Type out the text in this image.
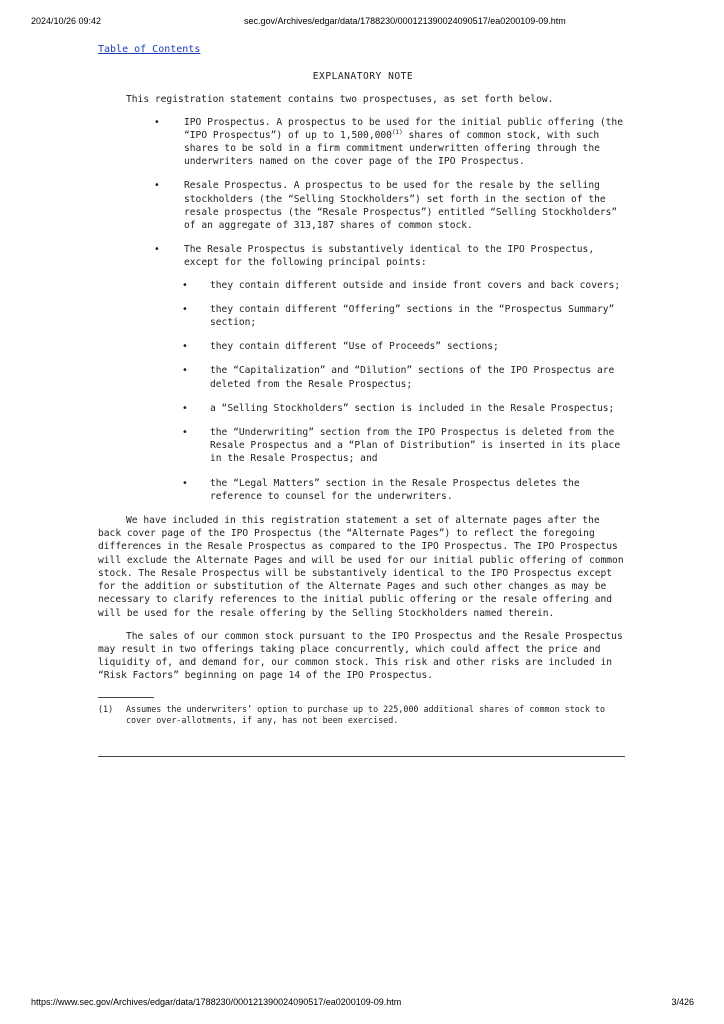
2024/10/26 09:42	sec.gov/Archives/edgar/data/1788230/000121390024090517/ea0200109-09.htm
Table of Contents
EXPLANATORY NOTE
This registration statement contains two prospectuses, as set forth below.
•	IPO Prospectus. A prospectus to be used for the initial public offering (the “IPO Prospectus”) of up to 1,500,000$^{(1)}$ shares of common stock, with such shares to be sold in a firm commitment underwritten offering through the underwriters named on the cover page of the IPO Prospectus.
•	Resale Prospectus. A prospectus to be used for the resale by the selling stockholders (the “Selling Stockholders”) set forth in the section of the resale prospectus (the “Resale Prospectus”) entitled “Selling Stockholders” of an aggregate of 313,187 shares of common stock.
•	The Resale Prospectus is substantively identical to the IPO Prospectus, except for the following principal points:
• they contain different outside and inside front covers and back covers;
• they contain different “Offering” sections in the “Prospectus Summary” section;
• they contain different “Use of Proceeds” sections;
• the “Capitalization” and “Dilution” sections of the IPO Prospectus are deleted from the Resale Prospectus;
• a “Selling Stockholders” section is included in the Resale Prospectus;
• the “Underwriting” section from the IPO Prospectus is deleted from the Resale Prospectus and a “Plan of Distribution” is inserted in its place in the Resale Prospectus; and
• the “Legal Matters” section in the Resale Prospectus deletes the reference to counsel for the underwriters.

We have included in this registration statement a set of alternate pages after the back cover page of the IPO Prospectus (the “Alternate Pages”) to reflect the foregoing differences in the Resale Prospectus as compared to the IPO Prospectus. The IPO Prospectus will exclude the Alternate Pages and will be used for our initial public offering of common stock. The Resale Prospectus will be substantively identical to the IPO Prospectus except for the addition or substitution of the Alternate Pages and such other changes as may be necessary to clarify references to the initial public offering or the resale offering and will be used for the resale offering by the Selling Stockholders named therein.

The sales of our common stock pursuant to the IPO Prospectus and the Resale Prospectus may result in two offerings taking place concurrently, which could affect the price and liquidity of, and demand for, our common stock. This risk and other risks are included in “Risk Factors” beginning on page 14 of the IPO Prospectus.

(1) Assumes the underwriters’ option to purchase up to 225,000 additional shares of common stock to cover over-allotments, if any, has not been exercised.
https://www.sec.gov/Archives/edgar/data/1788230/000121390024090517/ea0200109-09.htm	3/426
